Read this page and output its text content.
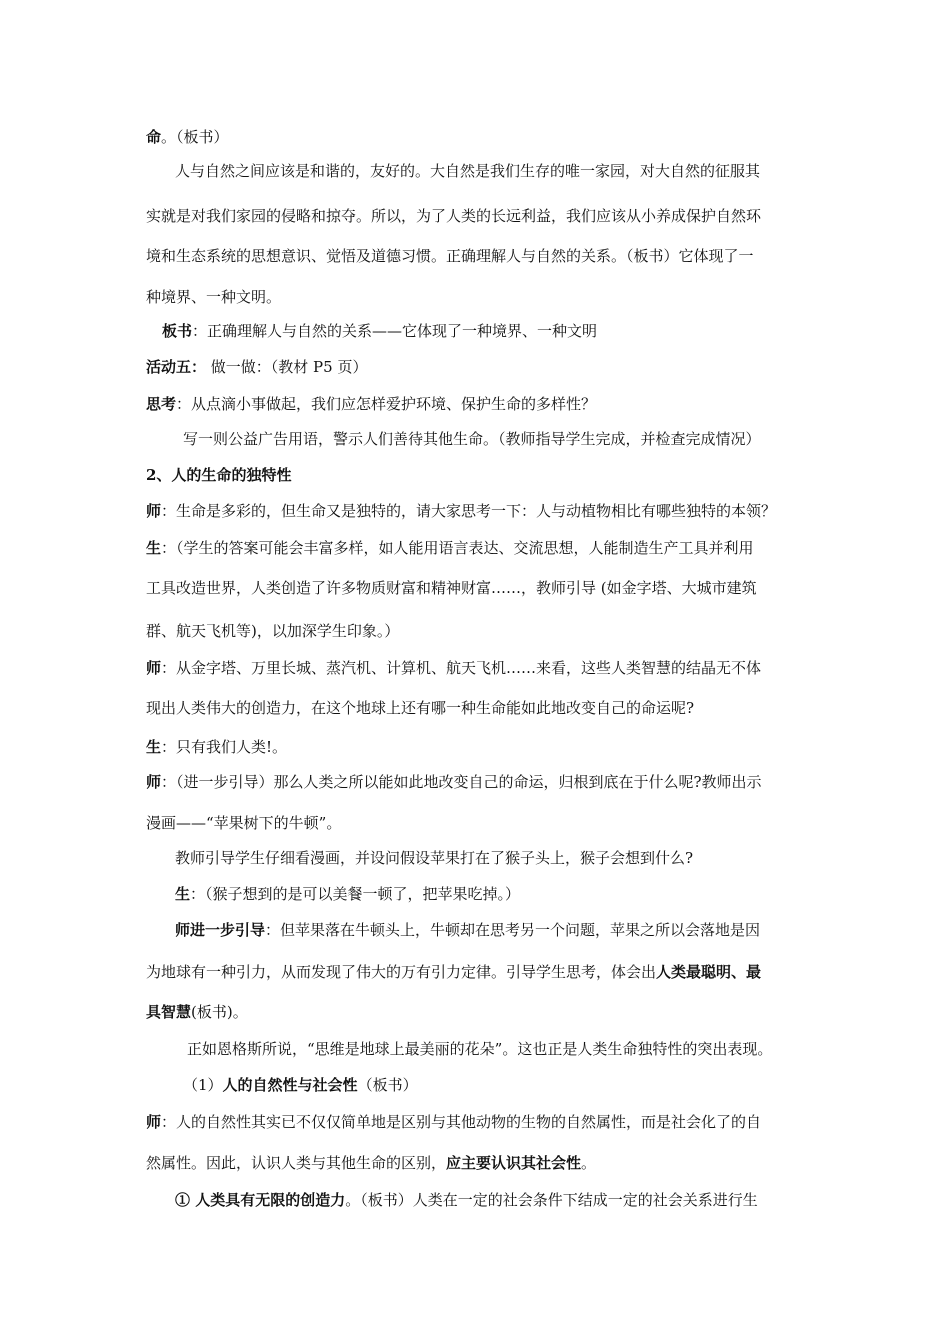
命。（板书）
人与自然之间应该是和谐的，友好的。大自然是我们生存的唯一家园，对大自然的征服其
实就是对我们家园的侵略和掠夺。所以，为了人类的长远利益，我们应该从小养成保护自然环
境和生态系统的思想意识、觉悟及道德习惯。正确理解人与自然的关系。（板书）它体现了一
种境界、一种文明。
板书：正确理解人与自然的关系——它体现了一种境界、一种文明
活动五： 做一做：（教材 P5 页）
思考：从点滴小事做起，我们应怎样爱护环境、保护生命的多样性？
写一则公益广告用语，警示人们善待其他生命。（教师指导学生完成，并检查完成情况）
2、人的生命的独特性
师：生命是多彩的，但生命又是独特的，请大家思考一下：人与动植物相比有哪些独特的本领？
生：（学生的答案可能会丰富多样，如人能用语言表达、交流思想，人能制造生产工具并利用
工具改造世界，人类创造了许多物质财富和精神财富……，教师引导 (如金字塔、大城市建筑
群、航天飞机等)，以加深学生印象。）
师：从金字塔、万里长城、蒸汽机、计算机、航天飞机……来看，这些人类智慧的结晶无不体
现出人类伟大的创造力，在这个地球上还有哪一种生命能如此地改变自己的命运呢?
生：只有我们人类!。
师：（进一步引导）那么人类之所以能如此地改变自己的命运，归根到底在于什么呢?教师出示
漫画——“苹果树下的牛顿”。
教师引导学生仔细看漫画，并设问假设苹果打在了猴子头上，猴子会想到什么?
生：（猴子想到的是可以美餐一顿了，把苹果吃掉。）
师进一步引导：但苹果落在牛顿头上，牛顿却在思考另一个问题，苹果之所以会落地是因
为地球有一种引力，从而发现了伟大的万有引力定律。引导学生思考，体会出人类最聪明、最
具智慧(板书)。
正如恩格斯所说，“思维是地球上最美丽的花朵”。这也正是人类生命独特性的突出表现。
（1）人的自然性与社会性（板书）
师：人的自然性其实已不仅仅简单地是区别与其他动物的生物的自然属性，而是社会化了的自
然属性。因此，认识人类与其他生命的区别，应主要认识其社会性。
① 人类具有无限的创造力。（板书）人类在一定的社会条件下结成一定的社会关系进行生
